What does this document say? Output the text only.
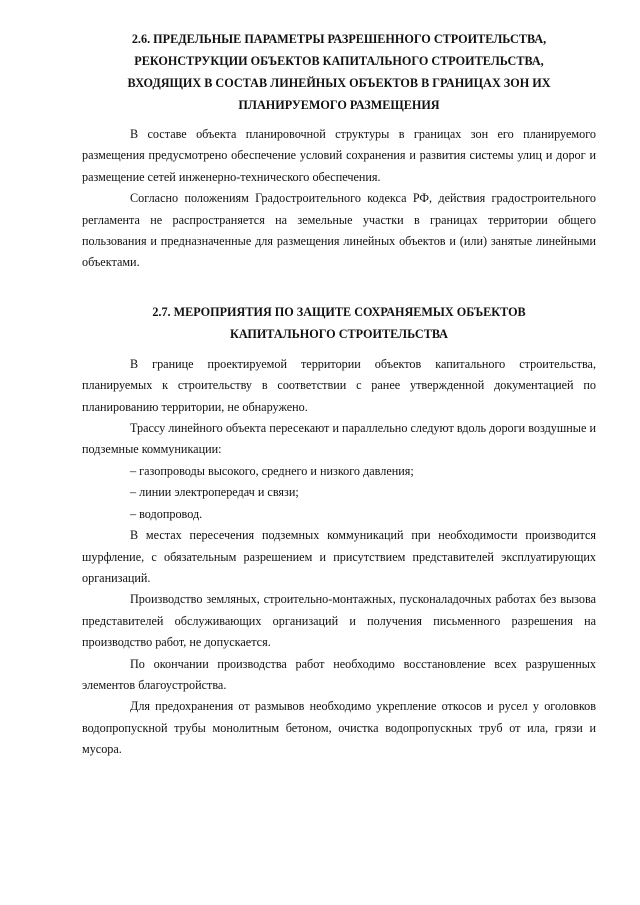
2.6. ПРЕДЕЛЬНЫЕ ПАРАМЕТРЫ РАЗРЕШЕННОГО СТРОИТЕЛЬСТВА,
РЕКОНСТРУКЦИИ ОБЪЕКТОВ КАПИТАЛЬНОГО СТРОИТЕЛЬСТВА,
ВХОДЯЩИХ В СОСТАВ ЛИНЕЙНЫХ ОБЪЕКТОВ В ГРАНИЦАХ ЗОН ИХ
ПЛАНИРУЕМОГО РАЗМЕЩЕНИЯ

В составе объекта планировочной структуры в границах зон его планируемого размещения предусмотрено обеспечение условий сохранения и развития системы улиц и дорог и размещение сетей инженерно-технического обеспечения.

Согласно положениям Градостроительного кодекса РФ, действия градостроительного регламента не распространяется на земельные участки в границах территории общего пользования и предназначенные для размещения линейных объектов и (или) занятые линейными объектами.

2.7. МЕРОПРИЯТИЯ ПО ЗАЩИТЕ СОХРАНЯЕМЫХ ОБЪЕКТОВ
КАПИТАЛЬНОГО СТРОИТЕЛЬСТВА

В границе проектируемой территории объектов капитального строительства, планируемых к строительству в соответствии с ранее утвержденной документацией по планированию территории, не обнаружено.

Трассу линейного объекта пересекают и параллельно следуют вдоль дороги воздушные и подземные коммуникации:

– газопроводы высокого, среднего и низкого давления;

– линии электропередач и связи;

– водопровод.

В местах пересечения подземных коммуникаций при необходимости производится шурфление, с обязательным разрешением и присутствием представителей эксплуатирующих организаций.

Производство земляных, строительно-монтажных, пусконаладочных работах без вызова представителей обслуживающих организаций и получения письменного разрешения на производство работ, не допускается.

По окончании производства работ необходимо восстановление всех разрушенных элементов благоустройства.

Для предохранения от размывов необходимо укрепление откосов и русел у оголовков водопропускной трубы монолитным бетоном, очистка водопропускных труб от ила, грязи и мусора.
